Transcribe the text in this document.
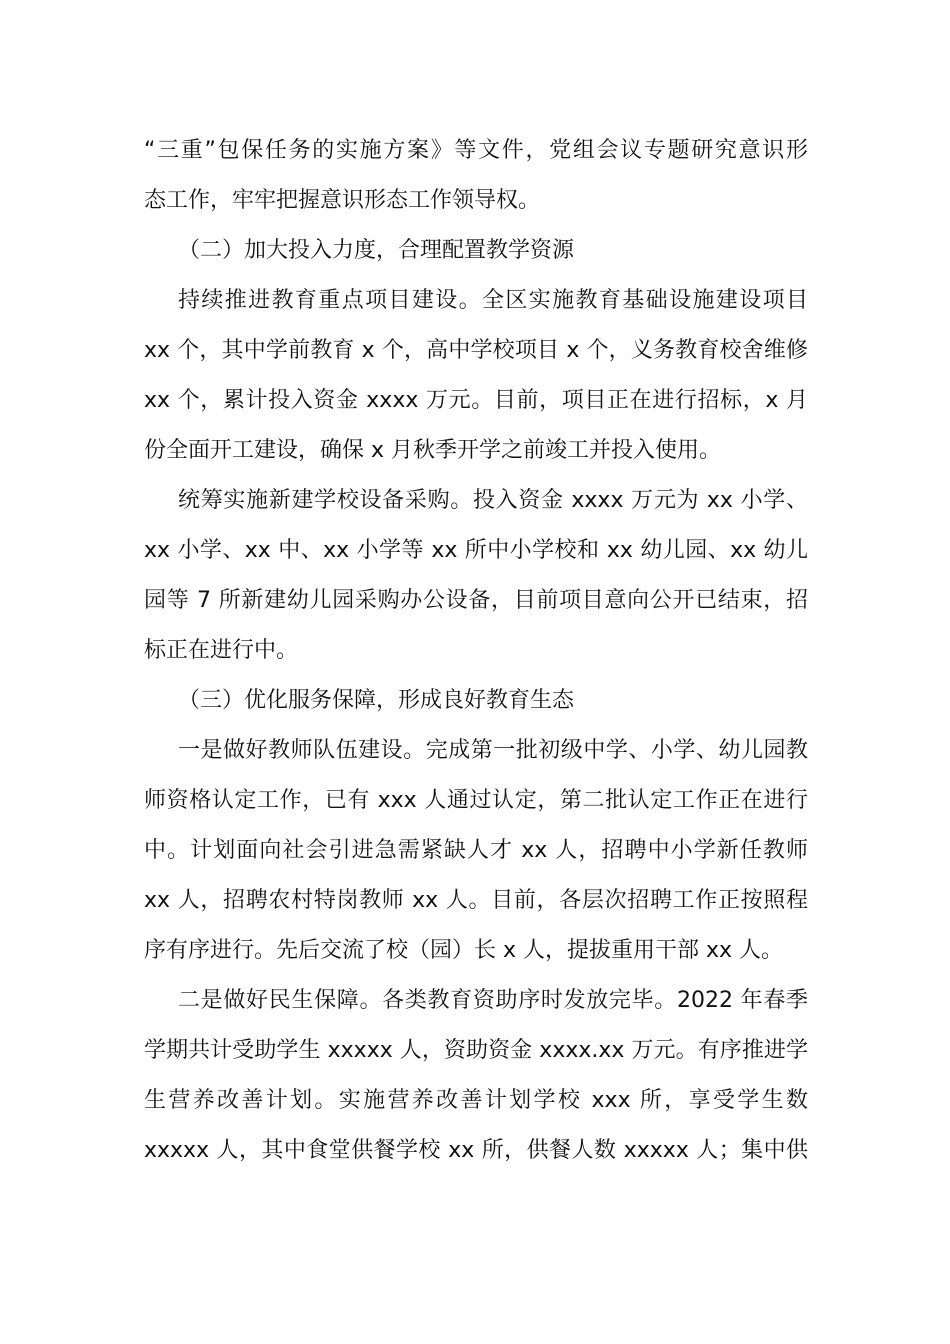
“三重”包保任务的实施方案》等文件，党组会议专题研究意识形
态工作，牢牢把握意识形态工作领导权。
（二）加大投入力度，合理配置教学资源
持续推进教育重点项目建设。全区实施教育基础设施建设项目
xx 个，其中学前教育 x 个，高中学校项目 x 个，义务教育校舍维修
xx 个，累计投入资金 xxxx 万元。目前，项目正在进行招标，x 月
份全面开工建设，确保 x 月秋季开学之前竣工并投入使用。
统筹实施新建学校设备采购。投入资金 xxxx 万元为 xx 小学、
xx 小学、xx 中、xx 小学等 xx 所中小学校和 xx 幼儿园、xx 幼儿
园等 7 所新建幼儿园采购办公设备，目前项目意向公开已结束，招
标正在进行中。
（三）优化服务保障，形成良好教育生态
一是做好教师队伍建设。完成第一批初级中学、小学、幼儿园教
师资格认定工作，已有 xxx 人通过认定，第二批认定工作正在进行
中。计划面向社会引进急需紧缺人才 xx 人，招聘中小学新任教师
xx 人，招聘农村特岗教师 xx 人。目前，各层次招聘工作正按照程
序有序进行。先后交流了校（园）长 x 人，提拔重用干部 xx 人。
二是做好民生保障。各类教育资助序时发放完毕。2022 年春季
学期共计受助学生 xxxxx 人，资助资金 xxxx.xx 万元。有序推进学
生营养改善计划。实施营养改善计划学校 xxx 所，享受学生数
xxxxx 人，其中食堂供餐学校 xx 所，供餐人数 xxxxx 人；集中供
